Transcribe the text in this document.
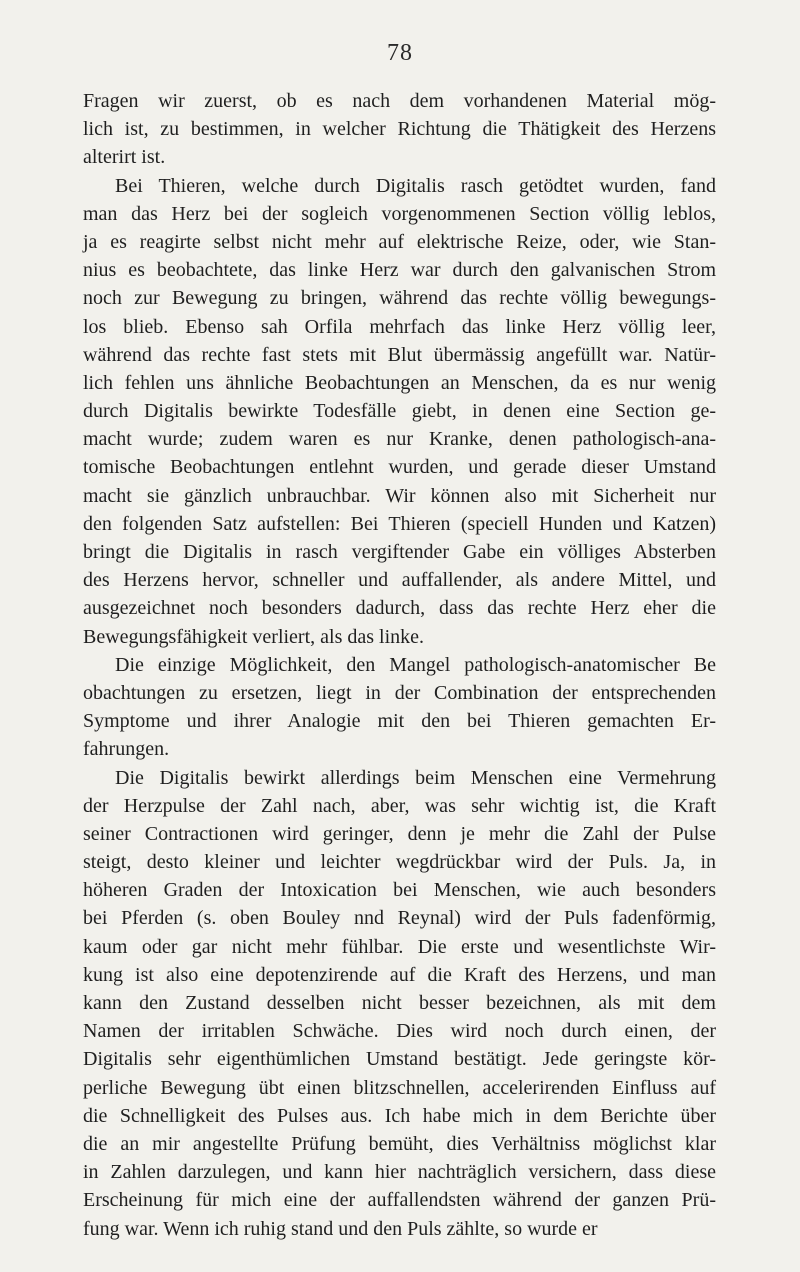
78
Fragen wir zuerst, ob es nach dem vorhandenen Material mög-
lich ist, zu bestimmen, in welcher Richtung die Thätigkeit des Herzens
alterirt ist.
Bei Thieren, welche durch Digitalis rasch getödtet wurden, fand
man das Herz bei der sogleich vorgenommenen Section völlig leblos,
ja es reagirte selbst nicht mehr auf elektrische Reize, oder, wie Stan-
nius es beobachtete, das linke Herz war durch den galvanischen Strom
noch zur Bewegung zu bringen, während das rechte völlig bewegungs-
los blieb. Ebenso sah Orfila mehrfach das linke Herz völlig leer,
während das rechte fast stets mit Blut übermässig angefüllt war. Natür-
lich fehlen uns ähnliche Beobachtungen an Menschen, da es nur wenig
durch Digitalis bewirkte Todesfälle giebt, in denen eine Section ge-
macht wurde; zudem waren es nur Kranke, denen pathologisch-ana-
tomische Beobachtungen entlehnt wurden, und gerade dieser Umstand
macht sie gänzlich unbrauchbar. Wir können also mit Sicherheit nur
den folgenden Satz aufstellen: Bei Thieren (speciell Hunden und Katzen)
bringt die Digitalis in rasch vergiftender Gabe ein völliges Absterben
des Herzens hervor, schneller und auffallender, als andere Mittel, und
ausgezeichnet noch besonders dadurch, dass das rechte Herz eher die
Bewegungsfähigkeit verliert, als das linke.
Die einzige Möglichkeit, den Mangel pathologisch-anatomischer Be
obachtungen zu ersetzen, liegt in der Combination der entsprechenden
Symptome und ihrer Analogie mit den bei Thieren gemachten Er-
fahrungen.
Die Digitalis bewirkt allerdings beim Menschen eine Vermehrung
der Herzpulse der Zahl nach, aber, was sehr wichtig ist, die Kraft
seiner Contractionen wird geringer, denn je mehr die Zahl der Pulse
steigt, desto kleiner und leichter wegdrückbar wird der Puls. Ja, in
höheren Graden der Intoxication bei Menschen, wie auch besonders
bei Pferden (s. oben Bouley nnd Reynal) wird der Puls fadenförmig,
kaum oder gar nicht mehr fühlbar. Die erste und wesentlichste Wir-
kung ist also eine depotenzirende auf die Kraft des Herzens, und man
kann den Zustand desselben nicht besser bezeichnen, als mit dem
Namen der irritablen Schwäche. Dies wird noch durch einen, der
Digitalis sehr eigenthümlichen Umstand bestätigt. Jede geringste kör-
perliche Bewegung übt einen blitzschnellen, accelerirenden Einfluss auf
die Schnelligkeit des Pulses aus. Ich habe mich in dem Berichte über
die an mir angestellte Prüfung bemüht, dies Verhältniss möglichst klar
in Zahlen darzulegen, und kann hier nachträglich versichern, dass diese
Erscheinung für mich eine der auffallendsten während der ganzen Prü-
fung war. Wenn ich ruhig stand und den Puls zählte, so wurde er
